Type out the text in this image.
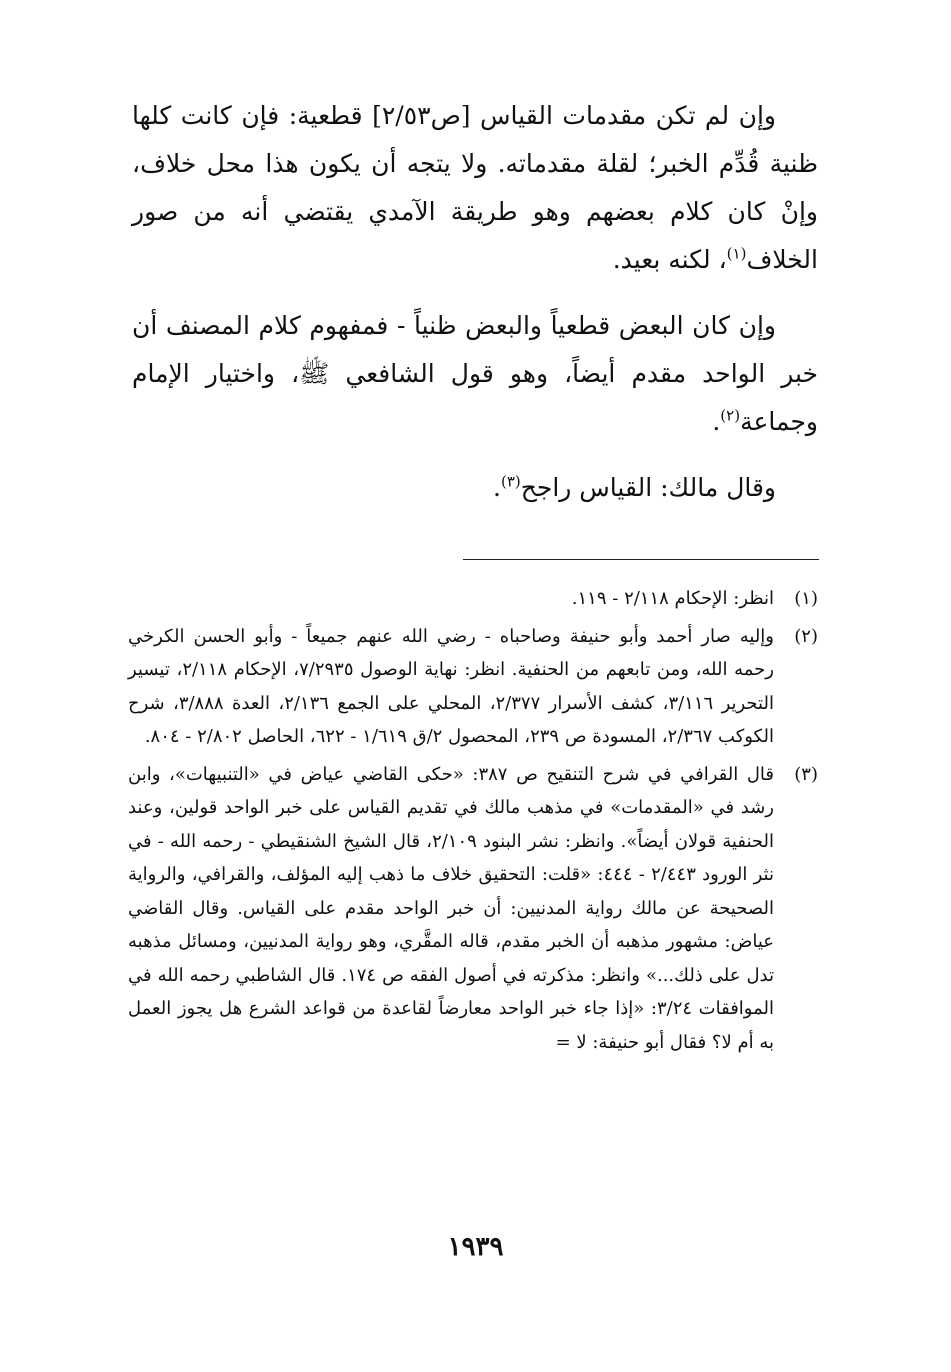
وإن لم تكن مقدمات القياس [ص٢/٥٣] قطعية: فإن كانت كلها ظنية قُدِّم الخبر؛ لقلة مقدماته. ولا يتجه أن يكون هذا محل خلاف، وإنْ كان كلام بعضهم وهو طريقة الآمدي يقتضي أنه من صور الخلاف$^{(١)}$، لكنه بعيد.

وإن كان البعض قطعياً والبعض ظنياً - فمفهوم كلام المصنف أن خبر الواحد مقدم أيضاً، وهو قول الشافعي ﷺ، واختيار الإمام وجماعة$^{(٢)}$.

وقال مالك: القياس راجح$^{(٣)}$.

(١)
انظر: الإحكام ٢/١١٨ - ١١٩.
(٢)
وإليه صار أحمد وأبو حنيفة وصاحباه - رضي الله عنهم جميعاً - وأبو الحسن الكرخي رحمه الله، ومن تابعهم من الحنفية. انظر: نهاية الوصول ٧/٢٩٣٥، الإحكام ٢/١١٨، تيسير التحرير ٣/١١٦، كشف الأسرار ٢/٣٧٧، المحلي على الجمع ٢/١٣٦، العدة ٣/٨٨٨، شرح الكوكب ٢/٣٦٧، المسودة ص ٢٣٩، المحصول ٢/ق ١/٦١٩ - ٦٢٢، الحاصل ٢/٨٠٢ - ٨٠٤.
(٣)
قال القرافي في شرح التنقيح ص ٣٨٧: «حكى القاضي عياض في «التنبيهات»، وابن رشد في «المقدمات» في مذهب مالك في تقديم القياس على خبر الواحد قولين، وعند الحنفية قولان أيضاً». وانظر: نشر البنود ٢/١٠٩، قال الشيخ الشنقيطي - رحمه الله - في نثر الورود ٢/٤٤٣ - ٤٤٤: «قلت: التحقيق خلاف ما ذهب إليه المؤلف، والقرافي، والرواية الصحيحة عن مالك رواية المدنيين: أن خبر الواحد مقدم على القياس. وقال القاضي عياض: مشهور مذهبه أن الخبر مقدم، قاله المقَّري، وهو رواية المدنيين، ومسائل مذهبه تدل على ذلك...» وانظر: مذكرته في أصول الفقه ص ١٧٤. قال الشاطبي رحمه الله في الموافقات ٣/٢٤: «إذا جاء خبر الواحد معارضاً لقاعدة من قواعد الشرع هل يجوز العمل به أم لا؟ فقال أبو حنيفة: لا =
١٩٣٩
